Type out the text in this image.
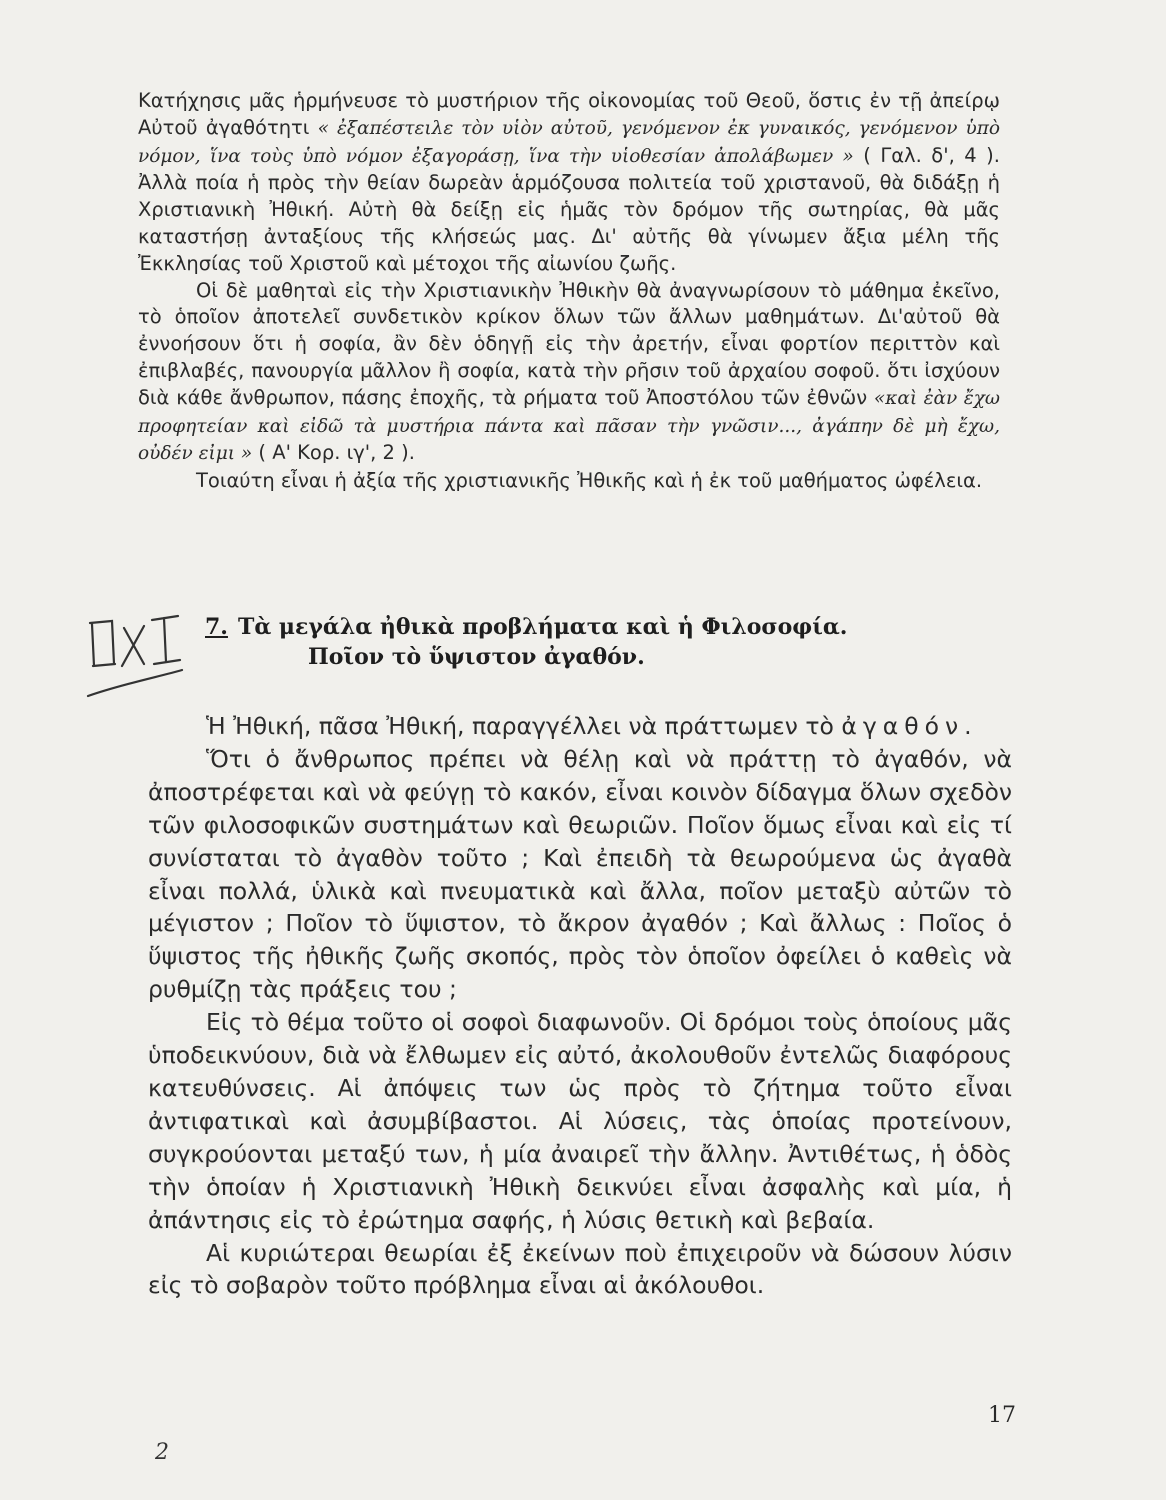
Κατήχησις μᾶς ἡρμήνευσε τὸ μυστήριον τῆς οἰκονομίας τοῦ Θεοῦ, ὅστις ἐν τῇ ἀπείρῳ Αὐτοῦ ἀγαθότητι « ἐξαπέστειλε τὸν υἱὸν αὐτοῦ, γενόμενον ἐκ γυναικός, γενόμενον ὑπὸ νόμον, ἵνα τοὺς ὑπὸ νόμον ἐξαγοράσῃ, ἵνα τὴν υἱοθεσίαν ἀπολάβωμεν » ( Γαλ. δ', 4 ). Ἀλλὰ ποία ἡ πρὸς τὴν θείαν δωρεὰν ἁρμόζουσα πολιτεία τοῦ χριστανοῦ, θὰ διδάξῃ ἡ Χριστιανικὴ Ἠθική. Αὐτὴ θὰ δείξῃ εἰς ἡμᾶς τὸν δρόμον τῆς σωτηρίας, θὰ μᾶς καταστήσῃ ἀνταξίους τῆς κλήσεώς μας. Δι' αὐτῆς θὰ γίνωμεν ἄξια μέλη τῆς Ἐκκλησίας τοῦ Χριστοῦ καὶ μέτοχοι τῆς αἰωνίου ζωῆς.

Οἱ δὲ μαθηταὶ εἰς τὴν Χριστιανικὴν Ἠθικὴν θὰ ἀναγνωρίσουν τὸ μάθημα ἐκεῖνο, τὸ ὁποῖον ἀποτελεῖ συνδετικὸν κρίκον ὅλων τῶν ἄλλων μαθημάτων. Δι'αὐτοῦ θὰ ἐννοήσουν ὅτι ἡ σοφία, ἂν δὲν ὁδηγῇ εἰς τὴν ἀρετήν, εἶναι φορτίον περιττὸν καὶ ἐπιβλαβές, πανουργία μᾶλλον ἢ σοφία, κατὰ τὴν ρῆσιν τοῦ ἀρχαίου σοφοῦ. ὅτι ἰσχύουν διὰ κάθε ἄνθρωπον, πάσης ἐποχῆς, τὰ ρήματα τοῦ Ἀποστόλου τῶν ἐθνῶν «καὶ ἐὰν ἔχω προφητείαν καὶ εἰδῶ τὰ μυστήρια πάντα καὶ πᾶσαν τὴν γνῶσιν..., ἀγάπην δὲ μὴ ἔχω, οὐδέν εἰμι » ( Α' Κορ. ιγ', 2 ).

Τοιαύτη εἶναι ἡ ἀξία τῆς χριστιανικῆς Ἠθικῆς καὶ ἡ ἐκ τοῦ μαθήματος ὠφέλεια.

ΟΧΙ
7. Τὰ μεγάλα ἠθικὰ προβλήματα καὶ ἡ Φιλοσοφία.
Ποῖον τὸ ὕψιστον ἀγαθόν.

Ἡ Ἠθική, πᾶσα Ἠθική, παραγγέλλει νὰ πράττωμεν τὸ ἀγαθόν.

Ὅτι ὁ ἄνθρωπος πρέπει νὰ θέλῃ καὶ νὰ πράττῃ τὸ ἀγαθόν, νὰ ἀποστρέφεται καὶ νὰ φεύγῃ τὸ κακόν, εἶναι κοινὸν δίδαγμα ὅλων σχεδὸν τῶν φιλοσοφικῶν συστημάτων καὶ θεωριῶν. Ποῖον ὅμως εἶναι καὶ εἰς τί συνίσταται τὸ ἀγαθὸν τοῦτο ; Καὶ ἐπειδὴ τὰ θεωρούμενα ὡς ἀγαθὰ εἶναι πολλά, ὑλικὰ καὶ πνευματικὰ καὶ ἄλλα, ποῖον μεταξὺ αὐτῶν τὸ μέγιστον ; Ποῖον τὸ ὕψιστον, τὸ ἄκρον ἀγαθόν ; Καὶ ἄλλως : Ποῖος ὁ ὕψιστος τῆς ἠθικῆς ζωῆς σκοπός, πρὸς τὸν ὁποῖον ὀφείλει ὁ καθεὶς νὰ ρυθμίζῃ τὰς πράξεις του ;

Εἰς τὸ θέμα τοῦτο οἱ σοφοὶ διαφωνοῦν. Οἱ δρόμοι τοὺς ὁποίους μᾶς ὑποδεικνύουν, διὰ νὰ ἔλθωμεν εἰς αὐτό, ἀκολουθοῦν ἐντελῶς διαφόρους κατευθύνσεις. Αἱ ἀπόψεις των ὡς πρὸς τὸ ζήτημα τοῦτο εἶναι ἀντιφατικαὶ καὶ ἀσυμβίβαστοι. Αἱ λύσεις, τὰς ὁποίας προτείνουν, συγκρούονται μεταξύ των, ἡ μία ἀναιρεῖ τὴν ἄλλην. Ἀντιθέτως, ἡ ὁδὸς τὴν ὁποίαν ἡ Χριστιανικὴ Ἠθικὴ δεικνύει εἶναι ἀσφαλὴς καὶ μία, ἡ ἀπάντησις εἰς τὸ ἐρώτημα σαφής, ἡ λύσις θετικὴ καὶ βεβαία.

Αἱ κυριώτεραι θεωρίαι ἐξ ἐκείνων ποὺ ἐπιχειροῦν νὰ δώσουν λύσιν εἰς τὸ σοβαρὸν τοῦτο πρόβλημα εἶναι αἱ ἀκόλουθοι.

17
2
